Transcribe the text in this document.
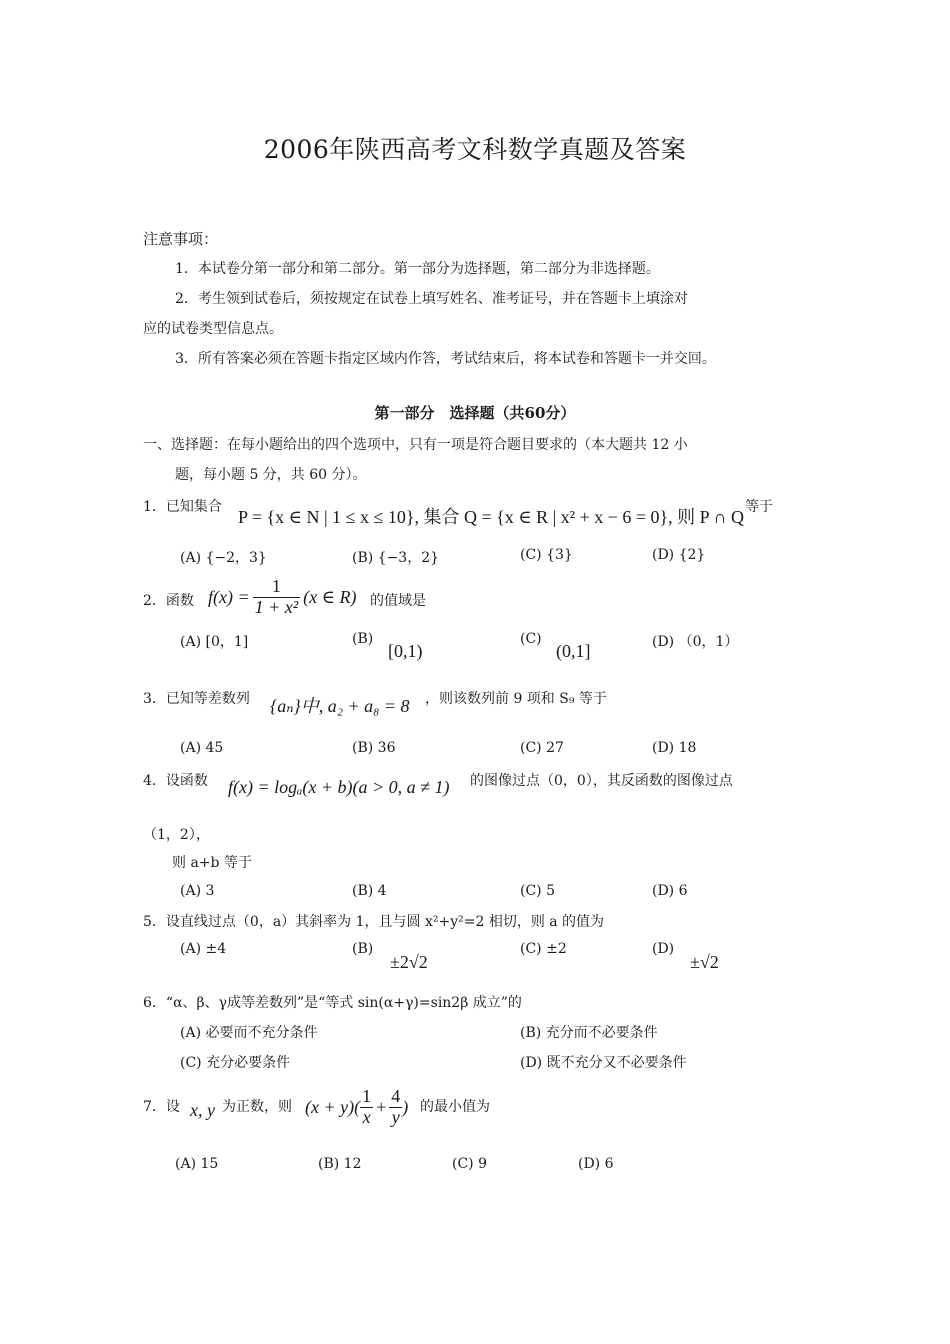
2006年陕西高考文科数学真题及答案
注意事项：
1．本试卷分第一部分和第二部分。第一部分为选择题，第二部分为非选择题。
2．考生领到试卷后，须按规定在试卷上填写姓名、准考证号，并在答题卡上填涂对
应的试卷类型信息点。
3．所有答案必须在答题卡指定区域内作答，考试结束后，将本试卷和答题卡一并交回。
第一部分　选择题（共60分）
一、选择题：在每小题给出的四个选项中，只有一项是符合题目要求的（本大题共 12 小
题，每小题 5 分，共 60 分）。
1．已知集合 P = {x ∈ N | 1 ≤ x ≤ 10}, 集合 Q = {x ∈ R | x² + x − 6 = 0}, 则 P ∩ Q 等于
(A) {−2，3}	(B) {−3，2}	(C) {3}	(D) {2}
2．函数 $f(x) = \frac{1}{\text{1 + x²}} (x$ ∈ R) 的值域是
(A) [0，1]	(B)
[0,1)
(C)
(0,1]	(D) （0，1）
3．已知等差数列 {aₙ}中, a₂ + a₈ = 8 ，则该数列前 9 项和 S₉ 等于
(A) 45	(B) 36	(C) 27	(D) 18
4．设函数 f(x) = logₐ(x + b)(a > 0, a ≠ 1) 的图像过点（0，0），其反函数的图像过点
（1，2），
则 a+b 等于
(A) 3	(B) 4	(C) 5	(D) 6
5．设直线过点（0，a）其斜率为 1，且与圆 x²+y²=2 相切，则 a 的值为
(A) ±4	(B)
±2√2
(C) ±2	(D)
±√2
6．“α、β、γ成等差数列”是“等式 sin(α+γ)=sin2β 成立”的
(A) 必要而不充分条件	(B) 充分而不必要条件
(C) 充分必要条件	(D) 既不充分又不必要条件
7．设 x, y 为正数，则 $(x + y)( \frac{1}{x} + \frac{4}{y}$ ) 的最小值为
(A) 15	(B) 12	(C) 9	(D) 6
